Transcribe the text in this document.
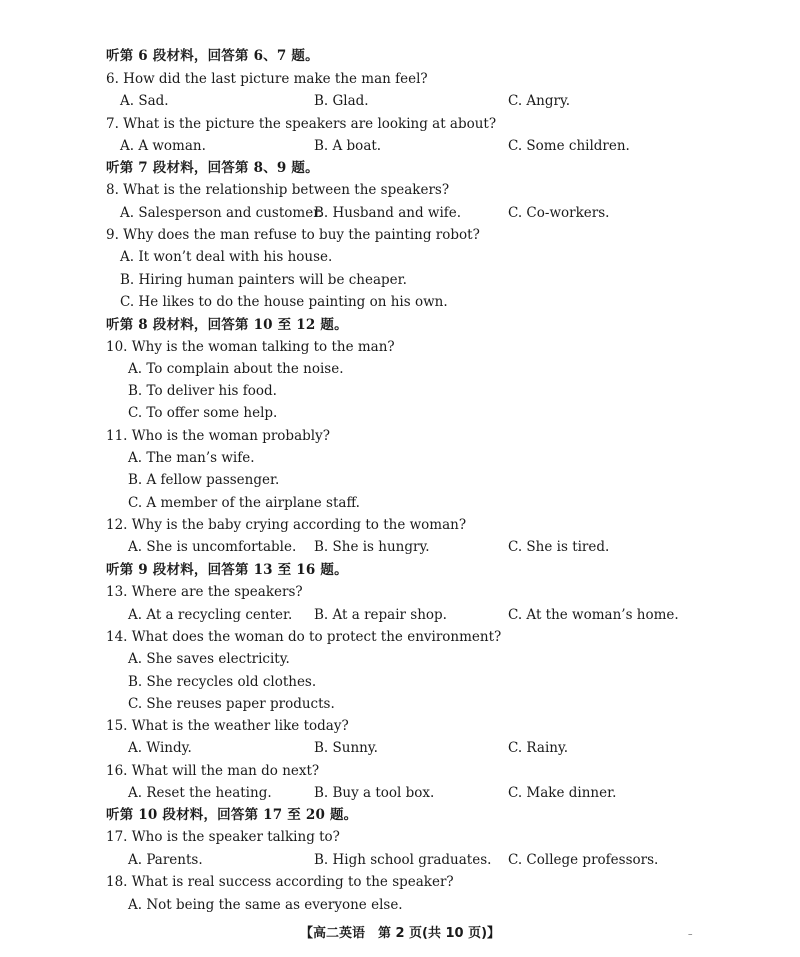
听第 6 段材料，回答第 6、7 题。
6. How did the last picture make the man feel?
A. Sad.	B. Glad.	C. Angry.
7. What is the picture the speakers are looking at about?
A. A woman.	B. A boat.	C. Some children.
听第 7 段材料，回答第 8、9 题。
8. What is the relationship between the speakers?
A. Salesperson and customer.
B. Husband and wife.	C. Co-workers.
9. Why does the man refuse to buy the painting robot?
A. It won’t deal with his house.
B. Hiring human painters will be cheaper.
C. He likes to do the house painting on his own.
听第 8 段材料，回答第 10 至 12 题。
10. Why is the woman talking to the man?
A. To complain about the noise.
B. To deliver his food.
C. To offer some help.
11. Who is the woman probably?
A. The man’s wife.
B. A fellow passenger.
C. A member of the airplane staff.
12. Why is the baby crying according to the woman?
A. She is uncomfortable. B. She is hungry.	C. She is tired.
听第 9 段材料，回答第 13 至 16 题。
13. Where are the speakers?
A. At a recycling center. B. At a repair shop.	C. At the woman’s home.
14. What does the woman do to protect the environment?
A. She saves electricity.
B. She recycles old clothes.
C. She reuses paper products.
15. What is the weather like today?
A. Windy.	B. Sunny.	C. Rainy.
16. What will the man do next?
A. Reset the heating.	B. Buy a tool box.	C. Make dinner.
听第 10 段材料，回答第 17 至 20 题。
17. Who is the speaker talking to?
A. Parents.	B. High school graduates. C. College professors.
18. What is real success according to the speaker?
A. Not being the same as everyone else.
【高二英语　第 2 页(共 10 页)】	–
